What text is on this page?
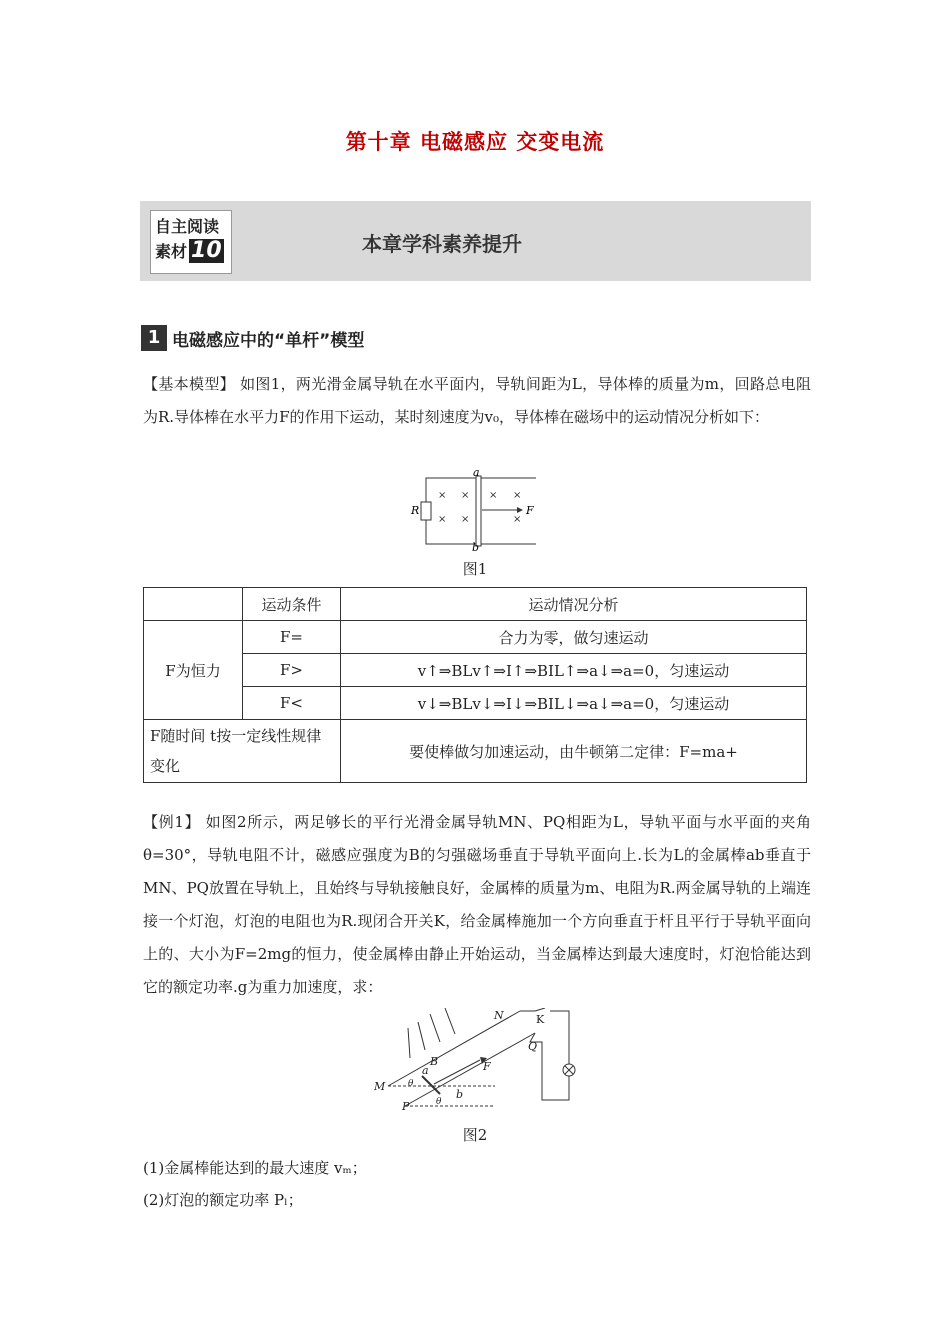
第十章 电磁感应 交变电流
自主阅读
素材 10	本章学科素养提升
1 电磁感应中的“单杆”模型
【基本模型】 如图1，两光滑金属导轨在水平面内，导轨间距为L，导体棒的质量为m，回路总电阻为R.导体棒在水平力F的作用下运动，某时刻速度为v₀，导体棒在磁场中的运动情况分析如下：
× × × ×
× ×	×
F
a
b
R
图1
	运动条件	运动情况分析
F为恒力	F=	合力为零，做匀速运动
	F>	v↑⇒BLv↑⇒I↑⇒BIL↑⇒a↓⇒a=0，匀速运动
	F<	v↓⇒BLv↓⇒I↓⇒BIL↓⇒a↓⇒a=0，匀速运动
F随时间 t按一定线性规律变化		要使棒做匀加速运动，由牛顿第二定律：F=ma+
【例1】 如图2所示，两足够长的平行光滑金属导轨MN、PQ相距为L，导轨平面与水平面的夹角 θ=30°，导轨电阻不计，磁感应强度为B的匀强磁场垂直于导轨平面向上.长为L的金属棒ab垂直于MN、PQ放置在导轨上，且始终与导轨接触良好，金属棒的质量为m、电阻为R.两金属导轨的上端连接一个灯泡，灯泡的电阻也为R.现闭合开关K，给金属棒施加一个方向垂直于杆且平行于导轨平面向上的、大小为F=2mg的恒力，使金属棒由静止开始运动，当金属棒达到最大速度时，灯泡恰能达到它的额定功率.g为重力加速度，求：
B
N	K
Q
F
a
b
M
P
θ
θ
图2
(1)金属棒能达到的最大速度 vₘ；
(2)灯泡的额定功率 Pₗ；
